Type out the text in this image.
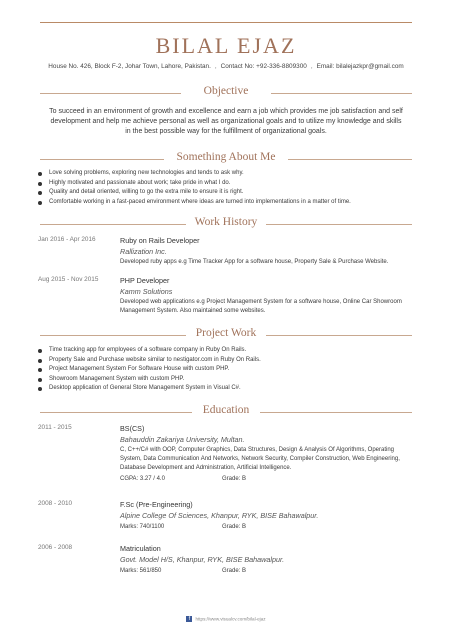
BILAL EJAZ
House No. 426, Block F-2, Johar Town, Lahore, Pakistan. , Contact No: +92-336-8809300 , Email: bilalejazkpr@gmail.com
Objective
To succeed in an environment of growth and excellence and earn a job which provides me job satisfaction and self development and help me achieve personal as well as organizational goals and to utilize my knowledge and skills in the best possible way for the fulfillment of organizational goals.
Something About Me
Love solving problems, exploring new technologies and tends to ask why.
Highly motivated and passionate about work; take pride in what I do.
Quality and detail oriented, willing to go the extra mile to ensure it is right.
Comfortable working in a fast-paced environment where ideas are turned into implementations in a matter of time.
Work History
Jan 2016 - Apr 2016	Ruby on Rails Developer
Rallization Inc.
Developed ruby apps e.g Time Tracker App for a software house, Property Sale & Purchase Website.
Aug 2015 - Nov 2015	PHP Developer
Kamm Solutions
Developed web applications e.g Project Management System for a software house, Online Car Showroom Management System. Also maintained some websites.
Project Work
Time tracking app for employees of a software company in Ruby On Rails.
Property Sale and Purchase website similar to nestigator.com in Ruby On Rails.
Project Management System For Software House with custom PHP.
Showroom Management System with custom PHP.
Desktop application of General Store Management System in Visual C#.
Education
2011 - 2015	BS(CS)
Bahauddin Zakariya University, Multan.
C, C++/C# with OOP, Computer Graphics, Data Structures, Design & Analysis Of Algorithms, Operating System, Data Communication And Networks, Network Security, Compiler Construction, Web Engineering, Database Development and Administration, Artificial Intelligence.
CGPA: 3.27 / 4.0	Grade: B
2008 - 2010	F.Sc (Pre-Engineering)
Alpine College Of Sciences, Khanpur, RYK, BISE Bahawalpur.
Marks: 740/1100	Grade: B
2006 - 2008	Matriculation
Govt. Model H/S, Khanpur, RYK, BISE Bahawalpur.
Marks: 561/850	Grade: B
f https://www.visualcv.com/bilal-ejaz
